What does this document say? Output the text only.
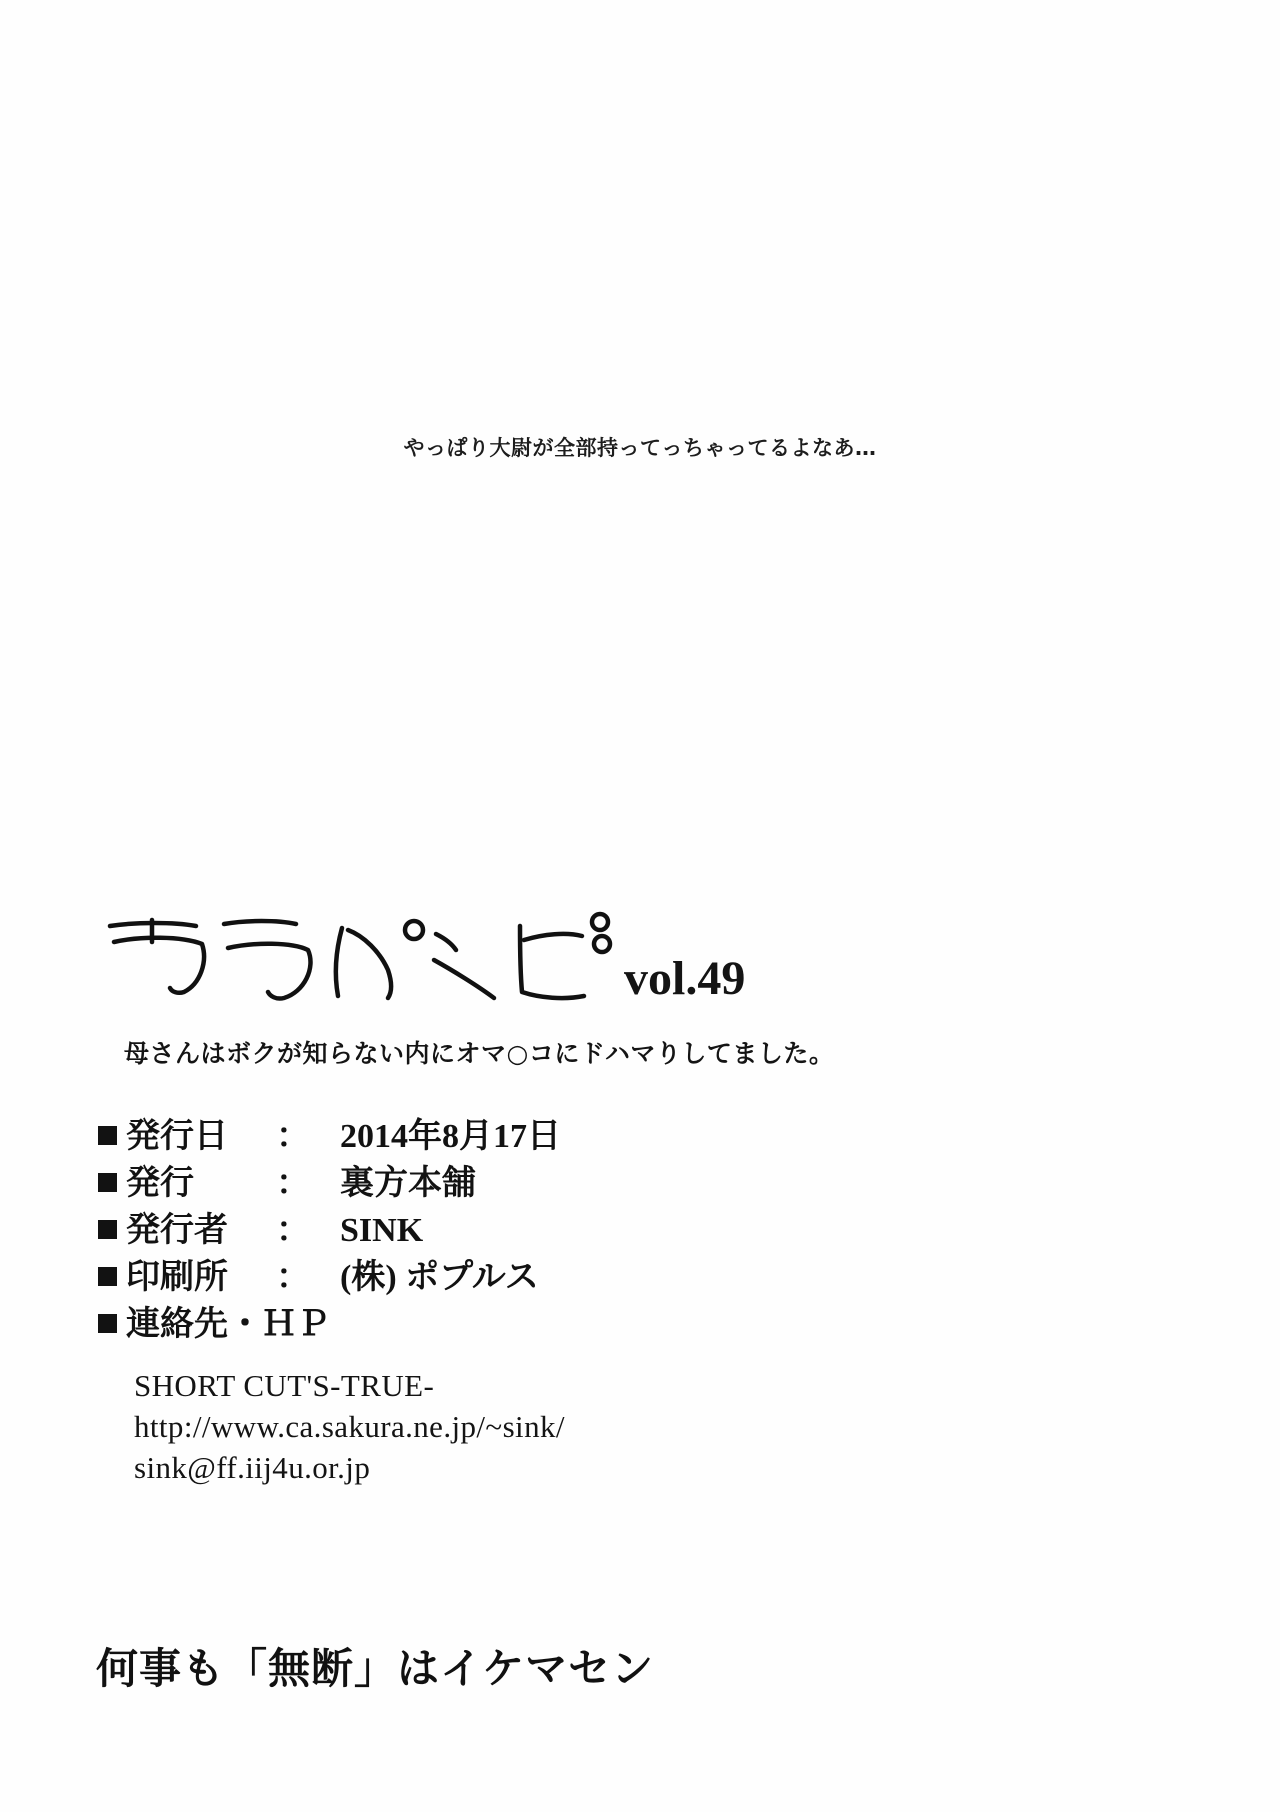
やっぱり大尉が全部持ってっちゃってるよなあ…
vol.49
母さんはボクが知らない内にオマ○コにドハマりしてました。
発行日	： 2014年8月17日
発行	： 裏方本舗
発行者	： SINK
印刷所	： (株) ポプルス
連絡先・ＨＰ
SHORT CUT'S-TRUE-
http://www.ca.sakura.ne.jp/~sink/
sink@ff.iij4u.or.jp
何事も「無断」はイケマセン
